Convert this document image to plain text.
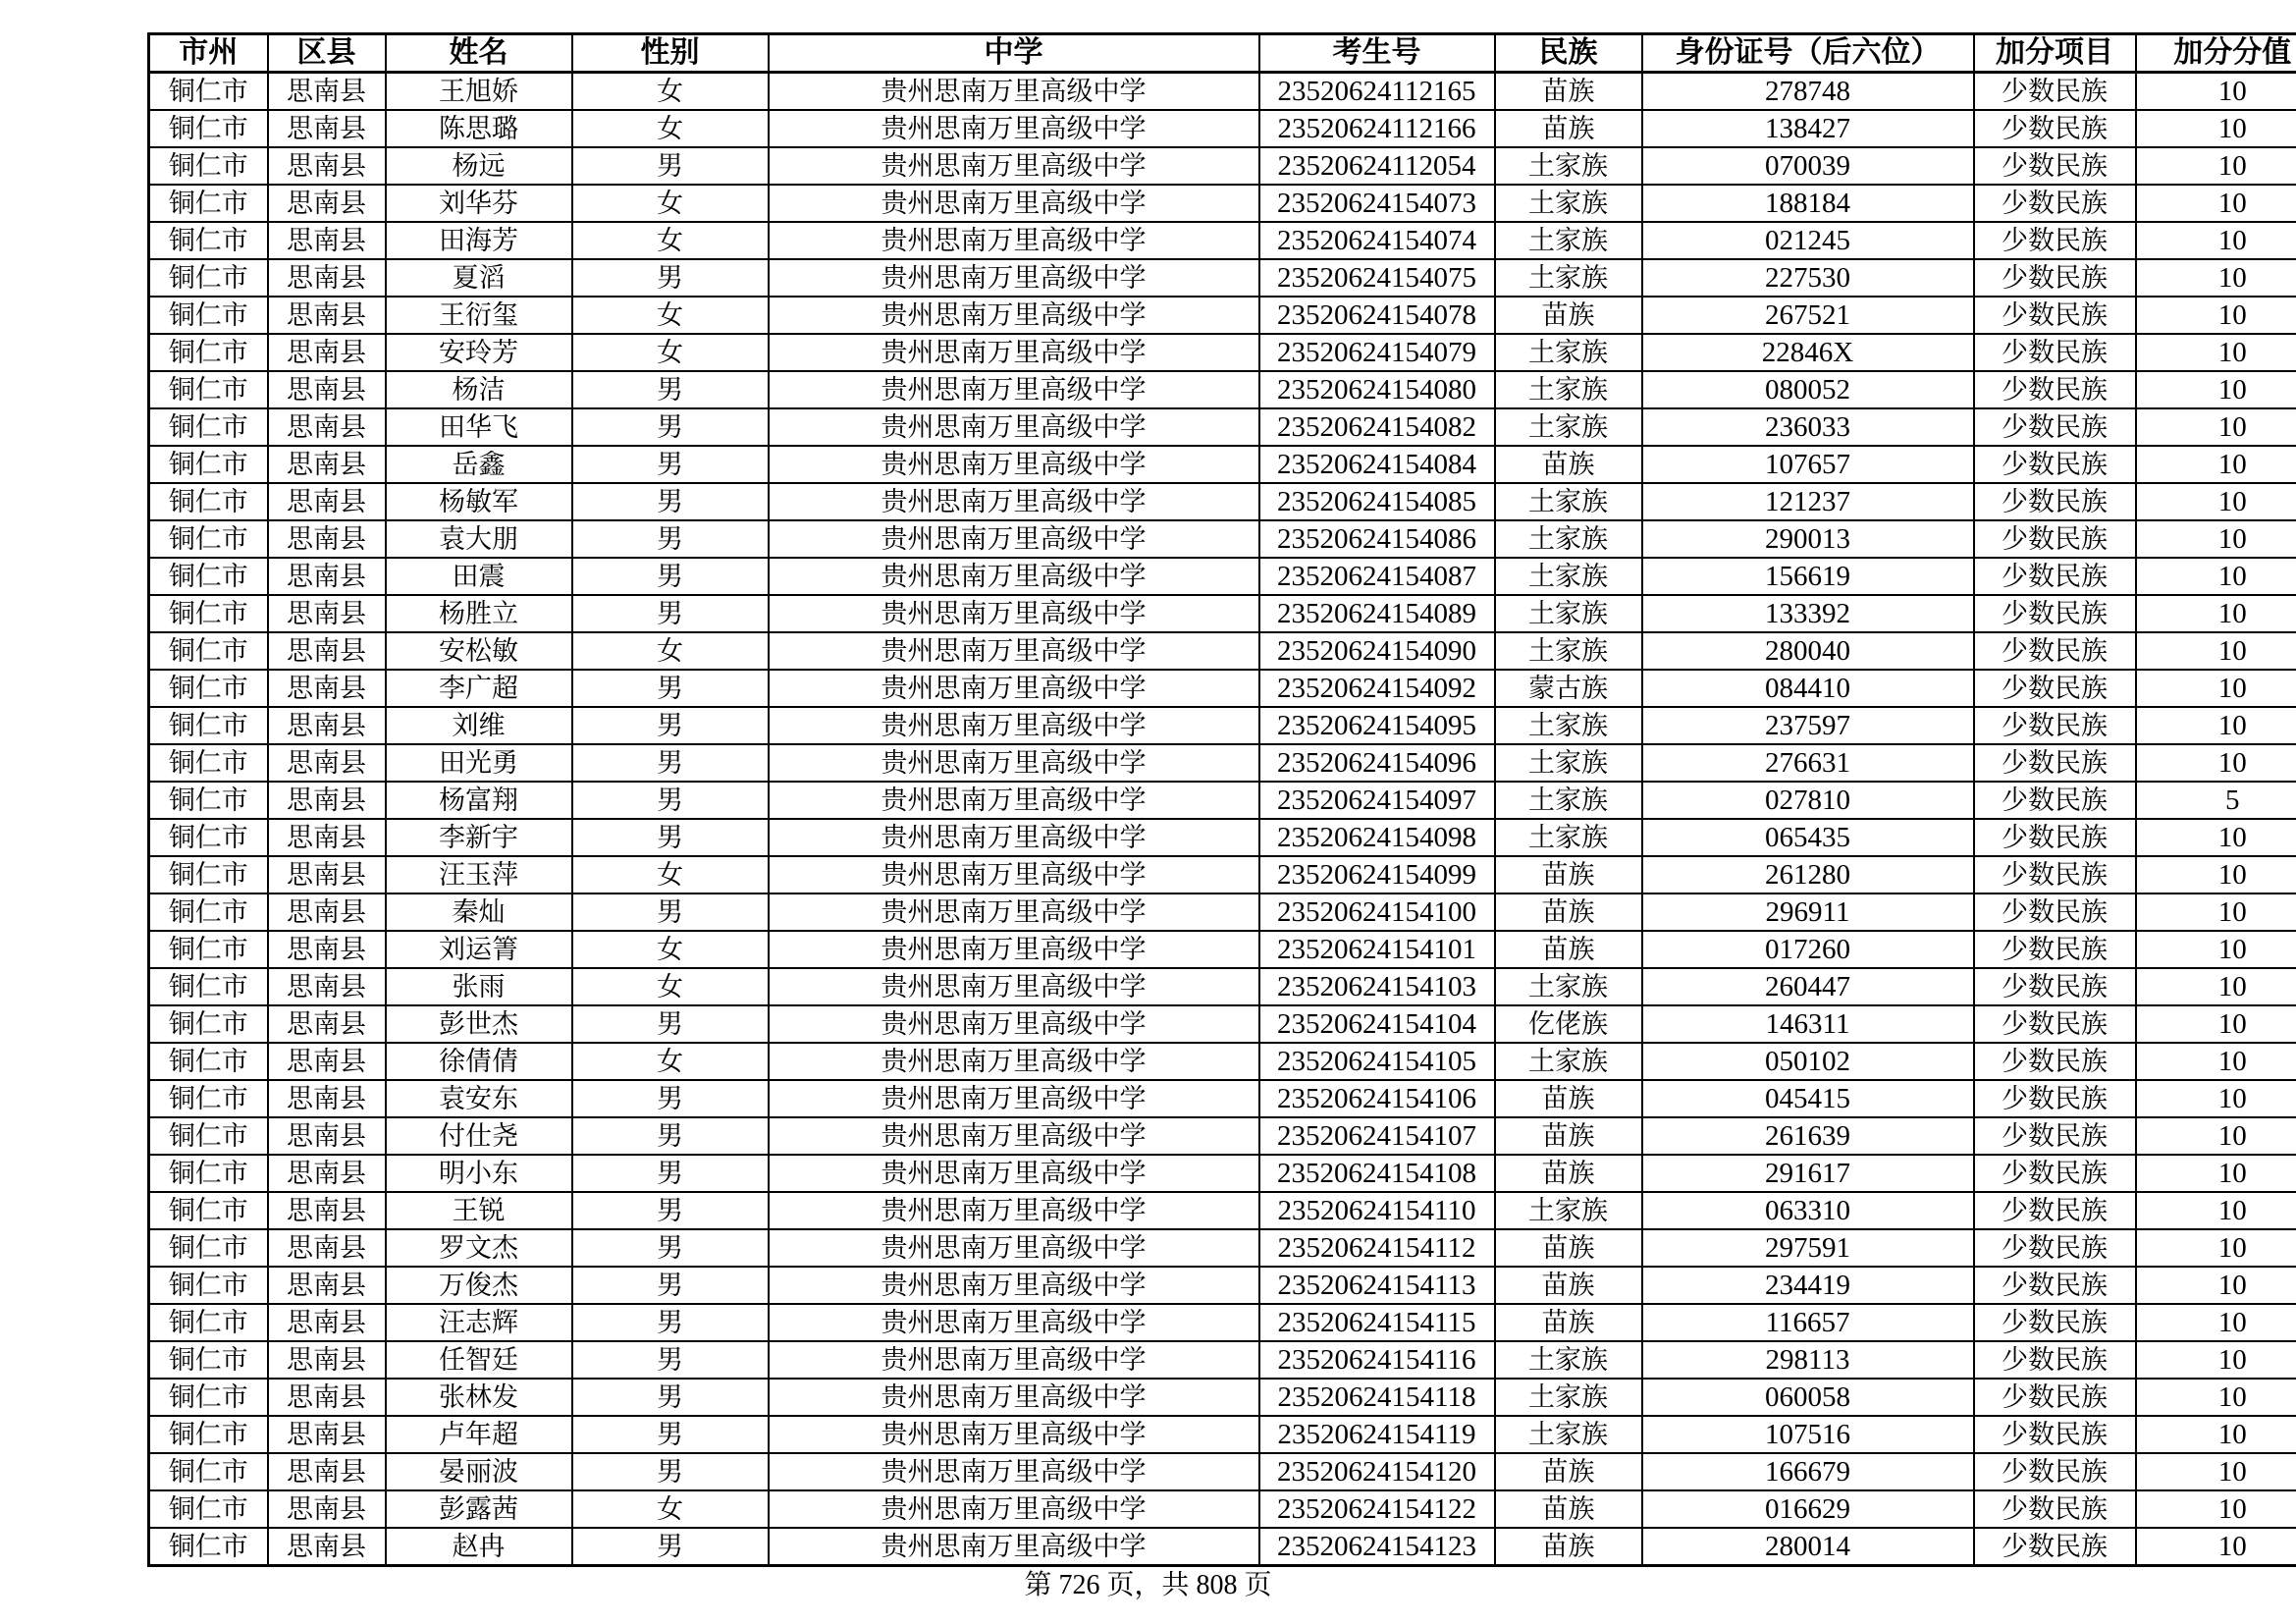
市州	区县	姓名	性别	中学	考生号	民族	身份证号（后六位）	加分项目	加分分值
铜仁市	思南县	王旭娇	女	贵州思南万里高级中学	23520624112165	苗族	278748	少数民族	10
铜仁市	思南县	陈思璐	女	贵州思南万里高级中学	23520624112166	苗族	138427	少数民族	10
铜仁市	思南县	杨远	男	贵州思南万里高级中学	23520624112054	土家族	070039	少数民族	10
铜仁市	思南县	刘华芬	女	贵州思南万里高级中学	23520624154073	土家族	188184	少数民族	10
铜仁市	思南县	田海芳	女	贵州思南万里高级中学	23520624154074	土家族	021245	少数民族	10
铜仁市	思南县	夏滔	男	贵州思南万里高级中学	23520624154075	土家族	227530	少数民族	10
铜仁市	思南县	王衍玺	女	贵州思南万里高级中学	23520624154078	苗族	267521	少数民族	10
铜仁市	思南县	安玲芳	女	贵州思南万里高级中学	23520624154079	土家族	22846X	少数民族	10
铜仁市	思南县	杨洁	男	贵州思南万里高级中学	23520624154080	土家族	080052	少数民族	10
铜仁市	思南县	田华飞	男	贵州思南万里高级中学	23520624154082	土家族	236033	少数民族	10
铜仁市	思南县	岳鑫	男	贵州思南万里高级中学	23520624154084	苗族	107657	少数民族	10
铜仁市	思南县	杨敏军	男	贵州思南万里高级中学	23520624154085	土家族	121237	少数民族	10
铜仁市	思南县	袁大朋	男	贵州思南万里高级中学	23520624154086	土家族	290013	少数民族	10
铜仁市	思南县	田震	男	贵州思南万里高级中学	23520624154087	土家族	156619	少数民族	10
铜仁市	思南县	杨胜立	男	贵州思南万里高级中学	23520624154089	土家族	133392	少数民族	10
铜仁市	思南县	安松敏	女	贵州思南万里高级中学	23520624154090	土家族	280040	少数民族	10
铜仁市	思南县	李广超	男	贵州思南万里高级中学	23520624154092	蒙古族	084410	少数民族	10
铜仁市	思南县	刘维	男	贵州思南万里高级中学	23520624154095	土家族	237597	少数民族	10
铜仁市	思南县	田光勇	男	贵州思南万里高级中学	23520624154096	土家族	276631	少数民族	10
铜仁市	思南县	杨富翔	男	贵州思南万里高级中学	23520624154097	土家族	027810	少数民族	5
铜仁市	思南县	李新宇	男	贵州思南万里高级中学	23520624154098	土家族	065435	少数民族	10
铜仁市	思南县	汪玉萍	女	贵州思南万里高级中学	23520624154099	苗族	261280	少数民族	10
铜仁市	思南县	秦灿	男	贵州思南万里高级中学	23520624154100	苗族	296911	少数民族	10
铜仁市	思南县	刘运箐	女	贵州思南万里高级中学	23520624154101	苗族	017260	少数民族	10
铜仁市	思南县	张雨	女	贵州思南万里高级中学	23520624154103	土家族	260447	少数民族	10
铜仁市	思南县	彭世杰	男	贵州思南万里高级中学	23520624154104	仡佬族	146311	少数民族	10
铜仁市	思南县	徐倩倩	女	贵州思南万里高级中学	23520624154105	土家族	050102	少数民族	10
铜仁市	思南县	袁安东	男	贵州思南万里高级中学	23520624154106	苗族	045415	少数民族	10
铜仁市	思南县	付仕尧	男	贵州思南万里高级中学	23520624154107	苗族	261639	少数民族	10
铜仁市	思南县	明小东	男	贵州思南万里高级中学	23520624154108	苗族	291617	少数民族	10
铜仁市	思南县	王锐	男	贵州思南万里高级中学	23520624154110	土家族	063310	少数民族	10
铜仁市	思南县	罗文杰	男	贵州思南万里高级中学	23520624154112	苗族	297591	少数民族	10
铜仁市	思南县	万俊杰	男	贵州思南万里高级中学	23520624154113	苗族	234419	少数民族	10
铜仁市	思南县	汪志辉	男	贵州思南万里高级中学	23520624154115	苗族	116657	少数民族	10
铜仁市	思南县	任智廷	男	贵州思南万里高级中学	23520624154116	土家族	298113	少数民族	10
铜仁市	思南县	张林发	男	贵州思南万里高级中学	23520624154118	土家族	060058	少数民族	10
铜仁市	思南县	卢年超	男	贵州思南万里高级中学	23520624154119	土家族	107516	少数民族	10
铜仁市	思南县	晏丽波	男	贵州思南万里高级中学	23520624154120	苗族	166679	少数民族	10
铜仁市	思南县	彭露茜	女	贵州思南万里高级中学	23520624154122	苗族	016629	少数民族	10
铜仁市	思南县	赵冉	男	贵州思南万里高级中学	23520624154123	苗族	280014	少数民族	10
第 726 页，共 808 页
